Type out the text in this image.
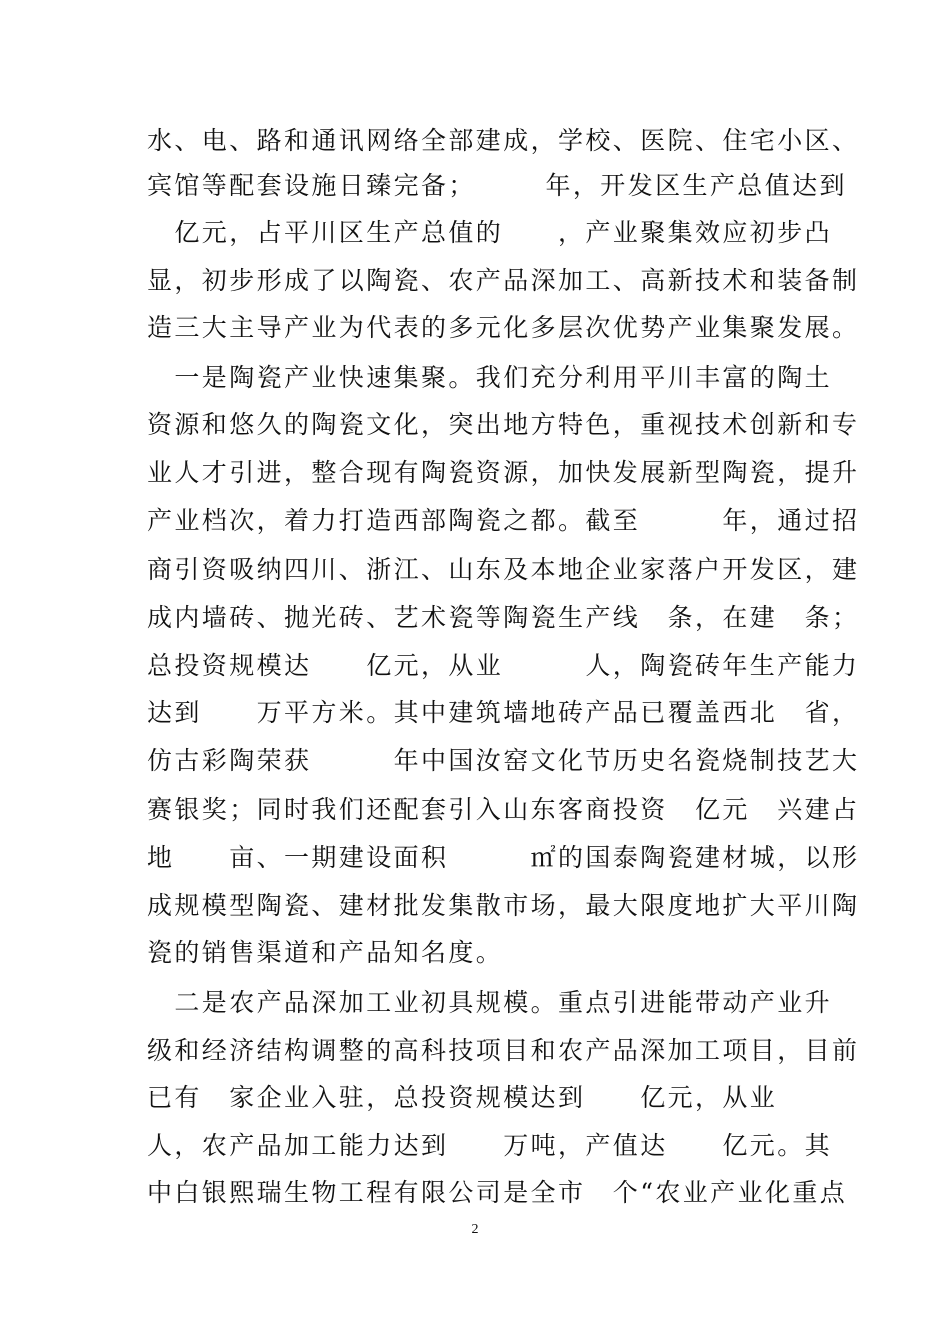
水、电、路和通讯网络全部建成，学校、医院、住宅小区、
宾馆等配套设施日臻完备；　　　年，开发区生产总值达到
　亿元，占平川区生产总值的　　，产业聚集效应初步凸
显，初步形成了以陶瓷、农产品深加工、高新技术和装备制
造三大主导产业为代表的多元化多层次优势产业集聚发展。
　一是陶瓷产业快速集聚。我们充分利用平川丰富的陶土
资源和悠久的陶瓷文化，突出地方特色，重视技术创新和专
业人才引进，整合现有陶瓷资源，加快发展新型陶瓷，提升
产业档次，着力打造西部陶瓷之都。截至　　　年，通过招
商引资吸纳四川、浙江、山东及本地企业家落户开发区，建
成内墙砖、抛光砖、艺术瓷等陶瓷生产线　条，在建　条；
总投资规模达　　亿元，从业　　　人，陶瓷砖年生产能力
达到　　万平方米。其中建筑墙地砖产品已覆盖西北　省，
仿古彩陶荣获　　　年中国汝窑文化节历史名瓷烧制技艺大
赛银奖；同时我们还配套引入山东客商投资　亿元　兴建占
地　　亩、一期建设面积　　　㎡的国泰陶瓷建材城，以形
成规模型陶瓷、建材批发集散市场，最大限度地扩大平川陶
瓷的销售渠道和产品知名度。
　二是农产品深加工业初具规模。重点引进能带动产业升
级和经济结构调整的高科技项目和农产品深加工项目，目前
已有　家企业入驻，总投资规模达到　　亿元，从业
人，农产品加工能力达到　　万吨，产值达　　亿元。其
中白银熙瑞生物工程有限公司是全市　个“农业产业化重点
2
